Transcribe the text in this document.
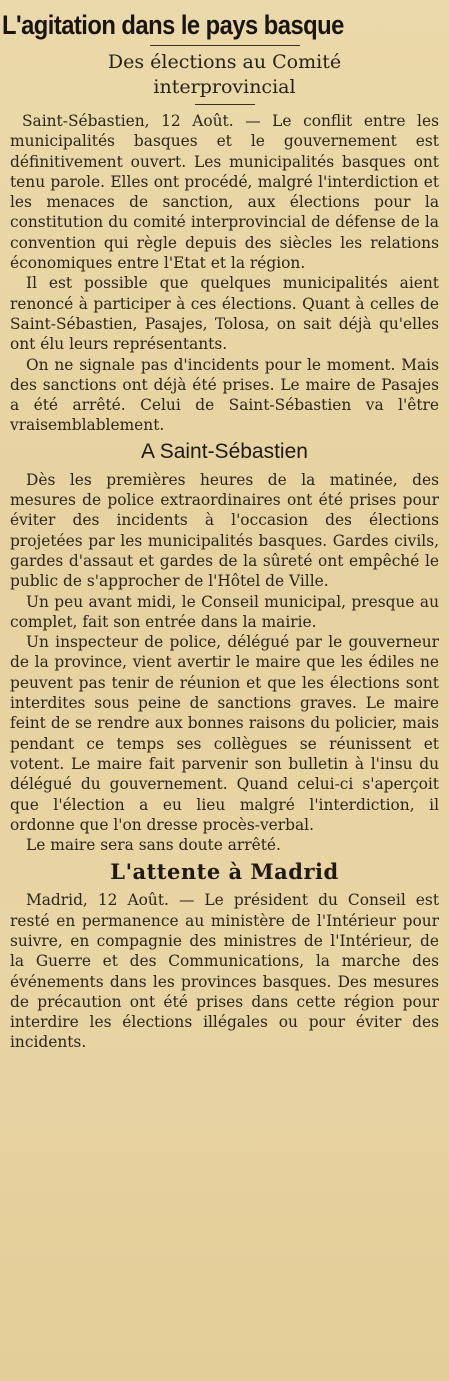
L'agitation dans le pays basque
Des élections au Comité
interprovincial

Saint-Sébastien, 12 Août. — Le conflit entre les municipalités basques et le gouvernement est définitivement ouvert. Les municipalités basques ont tenu parole. Elles ont procédé, malgré l'interdiction et les menaces de sanction, aux élections pour la constitution du comité interprovincial de défense de la convention qui règle depuis des siècles les relations économiques entre l'Etat et la région.

Il est possible que quelques municipalités aient renoncé à participer à ces élections. Quant à celles de Saint-Sébastien, Pasajes, Tolosa, on sait déjà qu'elles ont élu leurs représentants.

On ne signale pas d'incidents pour le moment. Mais des sanctions ont déjà été prises. Le maire de Pasajes a été arrêté. Celui de Saint-Sébastien va l'être vraisemblablement.

A Saint-Sébastien

Dès les premières heures de la matinée, des mesures de police extraordinaires ont été prises pour éviter des incidents à l'occasion des élections projetées par les municipalités basques. Gardes civils, gardes d'assaut et gardes de la sûreté ont empêché le public de s'approcher de l'Hôtel de Ville.

Un peu avant midi, le Conseil municipal, presque au complet, fait son entrée dans la mairie.

Un inspecteur de police, délégué par le gouverneur de la province, vient avertir le maire que les édiles ne peuvent pas tenir de réunion et que les élections sont interdites sous peine de sanctions graves. Le maire feint de se rendre aux bonnes raisons du policier, mais pendant ce temps ses collègues se réunissent et votent. Le maire fait parvenir son bulletin à l'insu du délégué du gouvernement. Quand celui-ci s'aperçoit que l'élection a eu lieu malgré l'interdiction, il ordonne que l'on dresse procès-verbal.

Le maire sera sans doute arrêté.

L'attente à Madrid

Madrid, 12 Août. — Le président du Conseil est resté en permanence au ministère de l'Intérieur pour suivre, en compagnie des ministres de l'Intérieur, de la Guerre et des Communications, la marche des événements dans les provinces basques. Des mesures de précaution ont été prises dans cette région pour interdire les élections illégales ou pour éviter des incidents.
